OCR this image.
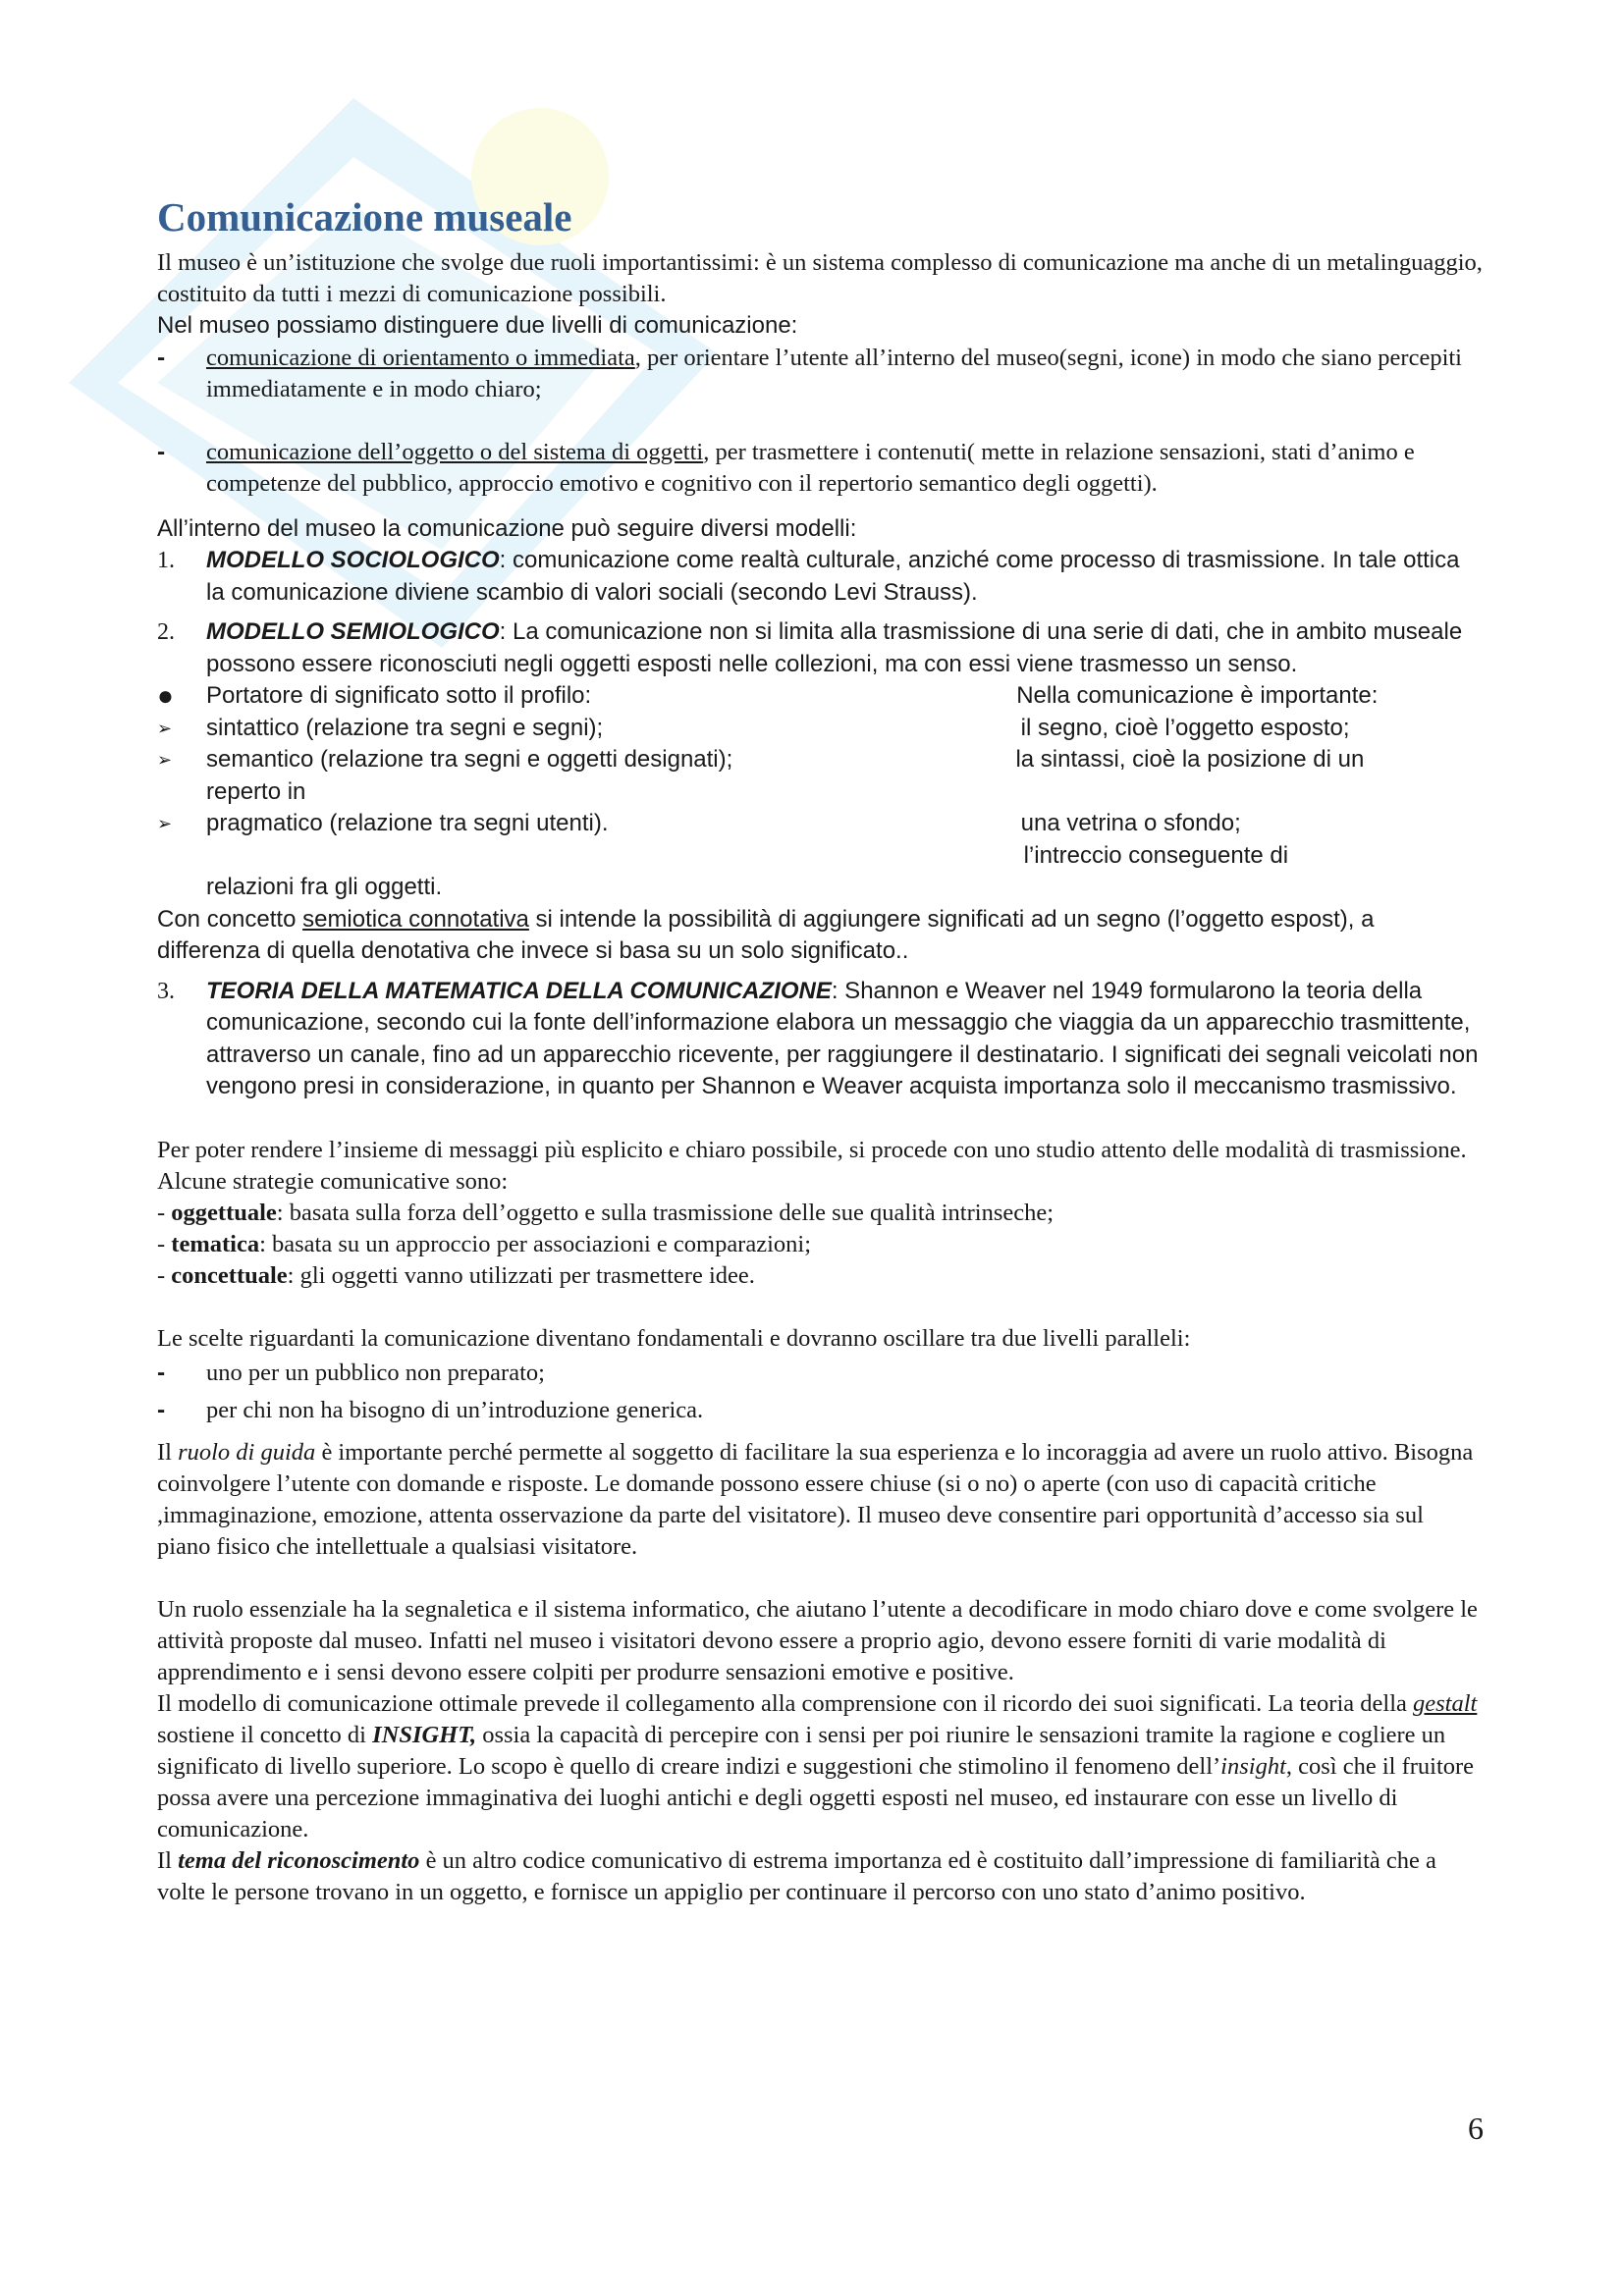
Comunicazione museale

Il museo è un’istituzione che svolge due ruoli importantissimi: è un sistema complesso di comunicazione ma anche di un metalinguaggio, costituito da tutti i mezzi di comunicazione possibili.

Nel museo possiamo distinguere due livelli di comunicazione:

- comunicazione di orientamento o immediata, per orientare l’utente all’interno del museo(segni, icone) in modo che siano percepiti immediatamente e in modo chiaro;
- comunicazione dell’oggetto o del sistema di oggetti, per trasmettere i contenuti( mette in relazione sensazioni, stati d’animo e competenze del pubblico, approccio emotivo e cognitivo con il repertorio semantico degli oggetti).

All’interno del museo la comunicazione può seguire diversi modelli:

1. MODELLO SOCIOLOGICO: comunicazione come realtà culturale, anziché come processo di trasmissione. In tale ottica la comunicazione diviene scambio di valori sociali (secondo Levi Strauss).
2. MODELLO SEMIOLOGICO: La comunicazione non si limita alla trasmissione di una serie di dati, che in ambito museale possono essere riconosciuti negli oggetti esposti nelle collezioni, ma con essi viene trasmesso un senso.
● Portatore di significato sotto il profilo:	Nella comunicazione è importante:
➢ sintattico (relazione tra segni e segni);	il segno, cioè l’oggetto esposto;
➢ semantico (relazione tra segni e oggetti designati);	la sintassi, cioè la posizione di un
reperto in
➢ pragmatico (relazione tra segni utenti).	una vetrina o sfondo;
l’intreccio conseguente di
relazioni fra gli oggetti.

Con concetto semiotica connotativa si intende la possibilità di aggiungere significati ad un segno (l’oggetto espost), a differenza di quella denotativa che invece si basa su un solo significato..

3. TEORIA DELLA MATEMATICA DELLA COMUNICAZIONE: Shannon e Weaver nel 1949 formularono la teoria della comunicazione, secondo cui la fonte dell’informazione elabora un messaggio che viaggia da un apparecchio trasmittente, attraverso un canale, fino ad un apparecchio ricevente, per raggiungere il destinatario. I significati dei segnali veicolati non vengono presi in considerazione, in quanto per Shannon e Weaver acquista importanza solo il meccanismo trasmissivo.

Per poter rendere l’insieme di messaggi più esplicito e chiaro possibile, si procede con uno studio attento delle modalità di trasmissione. Alcune strategie comunicative sono:

- oggettuale: basata sulla forza dell’oggetto e sulla trasmissione delle sue qualità intrinseche;

- tematica: basata su un approccio per associazioni e comparazioni;

- concettuale: gli oggetti vanno utilizzati per trasmettere idee.

Le scelte riguardanti la comunicazione diventano fondamentali e dovranno oscillare tra due livelli paralleli:

- uno per un pubblico non preparato;
- per chi non ha bisogno di un’introduzione generica.

Il ruolo di guida è importante perché permette al soggetto di facilitare la sua esperienza e lo incoraggia ad avere un ruolo attivo. Bisogna coinvolgere l’utente con domande e risposte. Le domande possono essere chiuse (si o no) o aperte (con uso di capacità critiche ,immaginazione, emozione, attenta osservazione da parte del visitatore). Il museo deve consentire pari opportunità d’accesso sia sul piano fisico che intellettuale a qualsiasi visitatore.

Un ruolo essenziale ha la segnaletica e il sistema informatico, che aiutano l’utente a decodificare in modo chiaro dove e come svolgere le attività proposte dal museo. Infatti nel museo i visitatori devono essere a proprio agio, devono essere forniti di varie modalità di apprendimento e i sensi devono essere colpiti per produrre sensazioni emotive e positive.

Il modello di comunicazione ottimale prevede il collegamento alla comprensione con il ricordo dei suoi significati. La teoria della gestalt sostiene il concetto di INSIGHT, ossia la capacità di percepire con i sensi per poi riunire le sensazioni tramite la ragione e cogliere un significato di livello superiore. Lo scopo è quello di creare indizi e suggestioni che stimolino il fenomeno dell’insight, così che il fruitore possa avere una percezione immaginativa dei luoghi antichi e degli oggetti esposti nel museo, ed instaurare con esse un livello di comunicazione.

Il tema del riconoscimento è un altro codice comunicativo di estrema importanza ed è costituito dall’impressione di familiarità che a volte le persone trovano in un oggetto, e fornisce un appiglio per continuare il percorso con uno stato d’animo positivo.

6
